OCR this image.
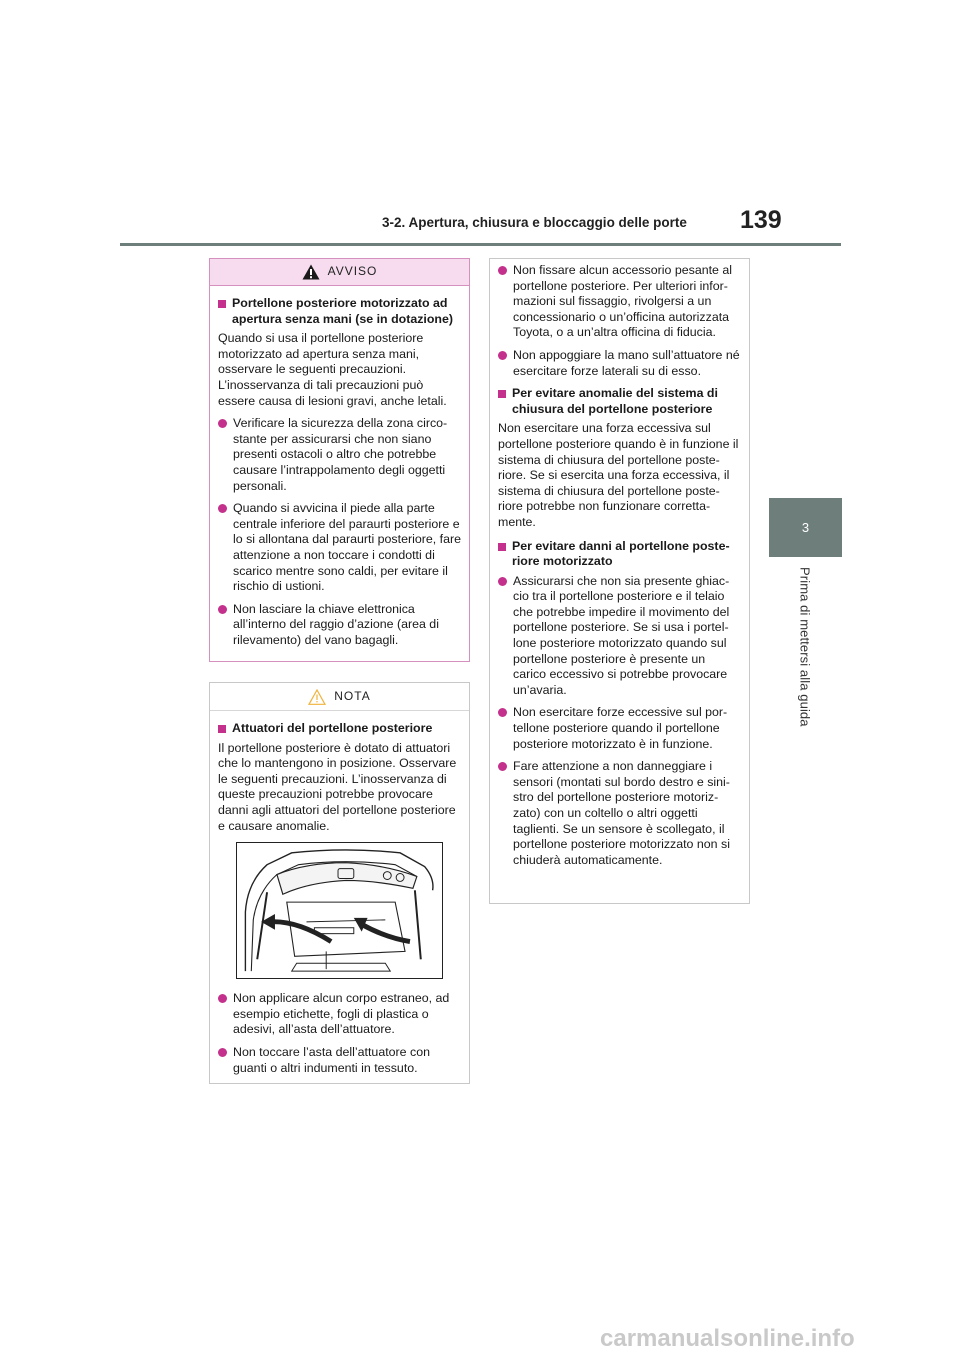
3-2. Apertura, chiusura e bloccaggio delle porte 139
3
Prima di mettersi alla guida
AVVISO
Portellone posteriore motorizzato ad apertura senza mani (se in dotazione)
Quando si usa il portellone posteriore motorizzato ad apertura senza mani, osservare le seguenti precauzioni. L’inosservanza di tali precauzioni può essere causa di lesioni gravi, anche letali.
Verificare la sicurezza della zona circo-stante per assicurarsi che non siano presenti ostacoli o altro che potrebbe causare l’intrappolamento degli oggetti personali.
Quando si avvicina il piede alla parte centrale inferiore del paraurti posteriore e lo si allontana dal paraurti posteriore, fare attenzione a non toccare i condotti di scarico mentre sono caldi, per evitare il rischio di ustioni.
Non lasciare la chiave elettronica all’interno del raggio d’azione (area di rilevamento) del vano bagagli.
NOTA
Attuatori del portellone posteriore
Il portellone posteriore è dotato di attuatori che lo mantengono in posizione. Osservare le seguenti precauzioni. L’inosservanza di queste precauzioni potrebbe provocare danni agli attuatori del portellone posteriore e causare anomalie.
Non applicare alcun corpo estraneo, ad esempio etichette, fogli di plastica o adesivi, all’asta dell’attuatore.
Non toccare l’asta dell’attuatore con guanti o altri indumenti in tessuto.
Non fissare alcun accessorio pesante al portellone posteriore. Per ulteriori infor-mazioni sul fissaggio, rivolgersi a un concessionario o un’officina autorizzata Toyota, o a un’altra officina di fiducia.
Non appoggiare la mano sull’attuatore né esercitare forze laterali su di esso.
Per evitare anomalie del sistema di chiusura del portellone posteriore
Non esercitare una forza eccessiva sul portellone posteriore quando è in funzione il sistema di chiusura del portellone poste-riore. Se si esercita una forza eccessiva, il sistema di chiusura del portellone poste-riore potrebbe non funzionare corretta-mente.
Per evitare danni al portellone poste-riore motorizzato
Assicurarsi che non sia presente ghiac-cio tra il portellone posteriore e il telaio che potrebbe impedire il movimento del portellone posteriore. Se si usa i portel-lone posteriore motorizzato quando sul portellone posteriore è presente un carico eccessivo si potrebbe provocare un’avaria.
Non esercitare forze eccessive sul por-tellone posteriore quando il portellone posteriore motorizzato è in funzione.
Fare attenzione a non danneggiare i sensori (montati sul bordo destro e sini-stro del portellone posteriore motoriz-zato) con un coltello o altri oggetti taglienti. Se un sensore è scollegato, il portellone posteriore motorizzato non si chiuderà automaticamente.
carmanualsonline.info
